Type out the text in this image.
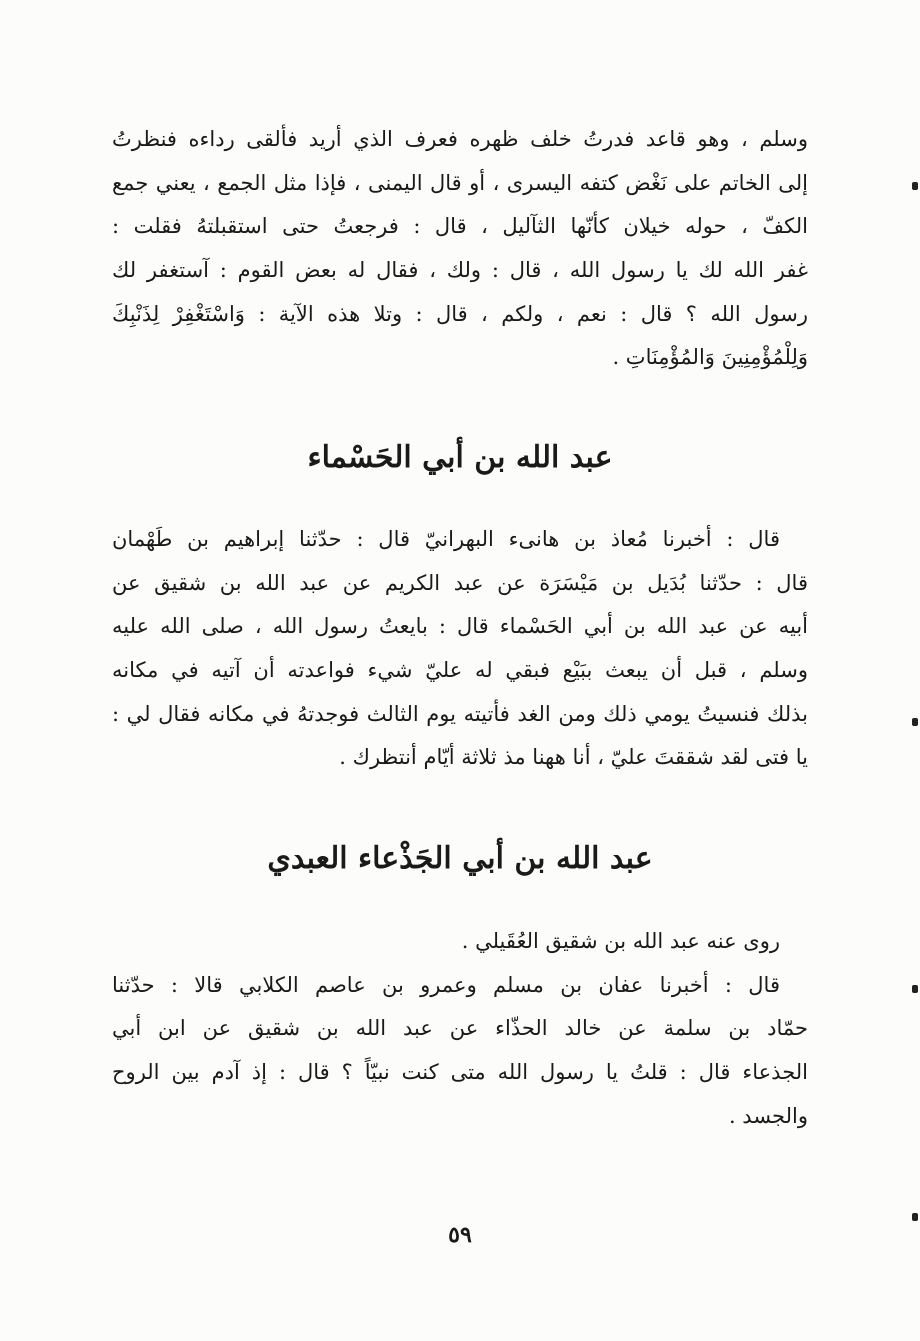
وسلم ، وهو قاعد فدرتُ خلف ظهره فعرف الذي أريد فألقى رداءه فنظرتُ
إلى الخاتم على نَغْض كتفه اليسرى ، أو قال اليمنى ، فإذا مثل الجمع ، يعني جمع
الكفّ ، حوله خيلان كأنّها الثآليل ، قال : فرجعتُ حتى استقبلتهُ فقلت :
غفر الله لك يا رسول الله ، قال : ولك ، فقال له بعض القوم : آستغفر لك
رسول الله ؟ قال : نعم ، ولكم ، قال : وتلا هذه الآية : وَاسْتَغْفِرْ لِذَنْبِكَ
وَلِلْمُؤْمِنِينَ وَالمُؤْمِنَاتِ .
عبد الله بن أبي الحَسْماء
قال : أخبرنا مُعاذ بن هانىء البهرانيّ قال : حدّثنا إبراهيم بن طَهْمان
قال : حدّثنا بُدَيل بن مَيْسَرَة عن عبد الكريم عن عبد الله بن شقيق عن
أبيه عن عبد الله بن أبي الحَسْماء قال : بايعتُ رسول الله ، صلى الله عليه
وسلم ، قبل أن يبعث ببَيْع فبقي له عليّ شيء فواعدته أن آتيه في مكانه
بذلك فنسيتُ يومي ذلك ومن الغد فأتيته يوم الثالث فوجدتهُ في مكانه فقال لي :
يا فتى لقد شققتَ عليّ ، أنا ههنا مذ ثلاثة أيّام أنتظرك .
عبد الله بن أبي الجَذْعاء العبدي
روى عنه عبد الله بن شقيق العُقَيلي .
قال : أخبرنا عفان بن مسلم وعمرو بن عاصم الكلابي قالا : حدّثنا
حمّاد بن سلمة عن خالد الحذّاء عن عبد الله بن شقيق عن ابن أبي
الجذعاء قال : قلتُ يا رسول الله متى كنت نبيّاً ؟ قال : إذ آدم بين الروح
والجسد .
٥٩
